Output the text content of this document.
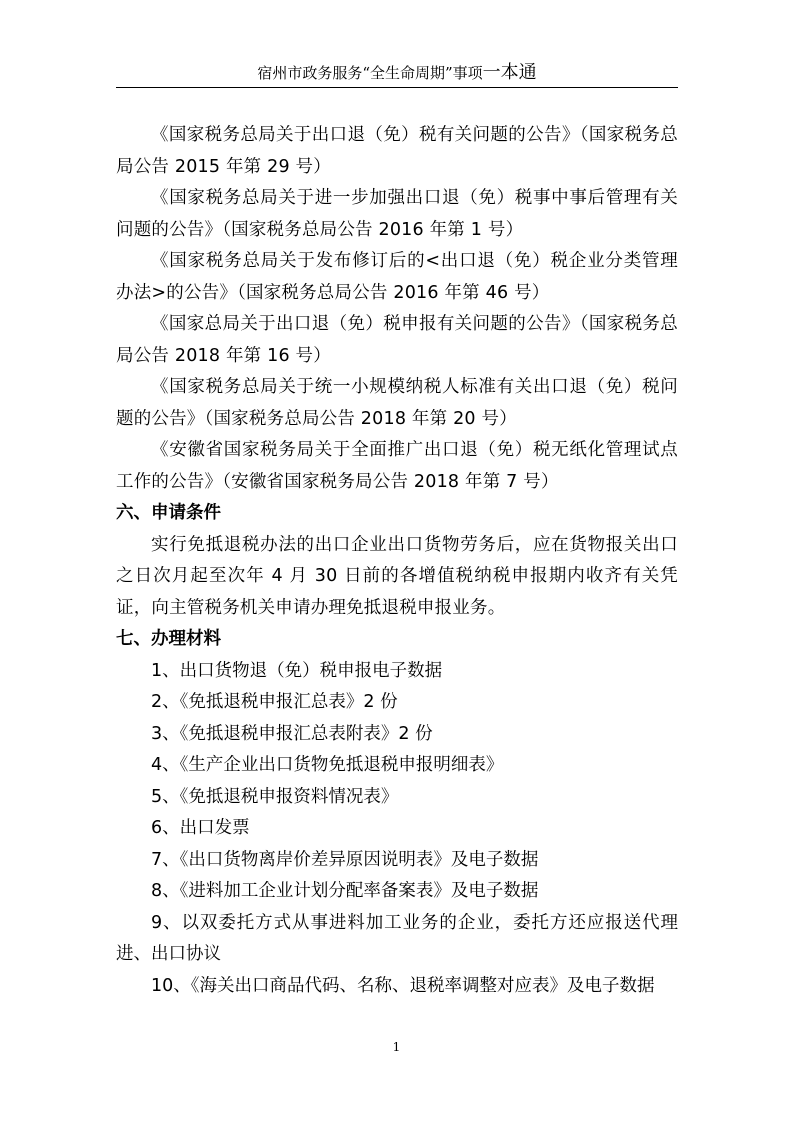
宿州市政务服务“全生命周期”事项一本通

《国家税务总局关于出口退（免）税有关问题的公告》（国家税务总局公告 2015 年第 29 号）

《国家税务总局关于进一步加强出口退（免）税事中事后管理有关问题的公告》（国家税务总局公告 2016 年第 1 号）

《国家税务总局关于发布修订后的<出口退（免）税企业分类管理办法>的公告》（国家税务总局公告 2016 年第 46 号）

《国家总局关于出口退（免）税申报有关问题的公告》（国家税务总局公告 2018 年第 16 号）

《国家税务总局关于统一小规模纳税人标准有关出口退（免）税问题的公告》（国家税务总局公告 2018 年第 20 号）

《安徽省国家税务局关于全面推广出口退（免）税无纸化管理试点工作的公告》（安徽省国家税务局公告 2018 年第 7 号）

六、申请条件

实行免抵退税办法的出口企业出口货物劳务后，应在货物报关出口之日次月起至次年 4 月 30 日前的各增值税纳税申报期内收齐有关凭证，向主管税务机关申请办理免抵退税申报业务。

七、办理材料

1、出口货物退（免）税申报电子数据

2、《免抵退税申报汇总表》2 份

3、《免抵退税申报汇总表附表》2 份

4、《生产企业出口货物免抵退税申报明细表》

5、《免抵退税申报资料情况表》

6、出口发票

7、《出口货物离岸价差异原因说明表》及电子数据

8、《进料加工企业计划分配率备案表》及电子数据

9、以双委托方式从事进料加工业务的企业，委托方还应报送代理进、出口协议

10、《海关出口商品代码、名称、退税率调整对应表》及电子数据

1
